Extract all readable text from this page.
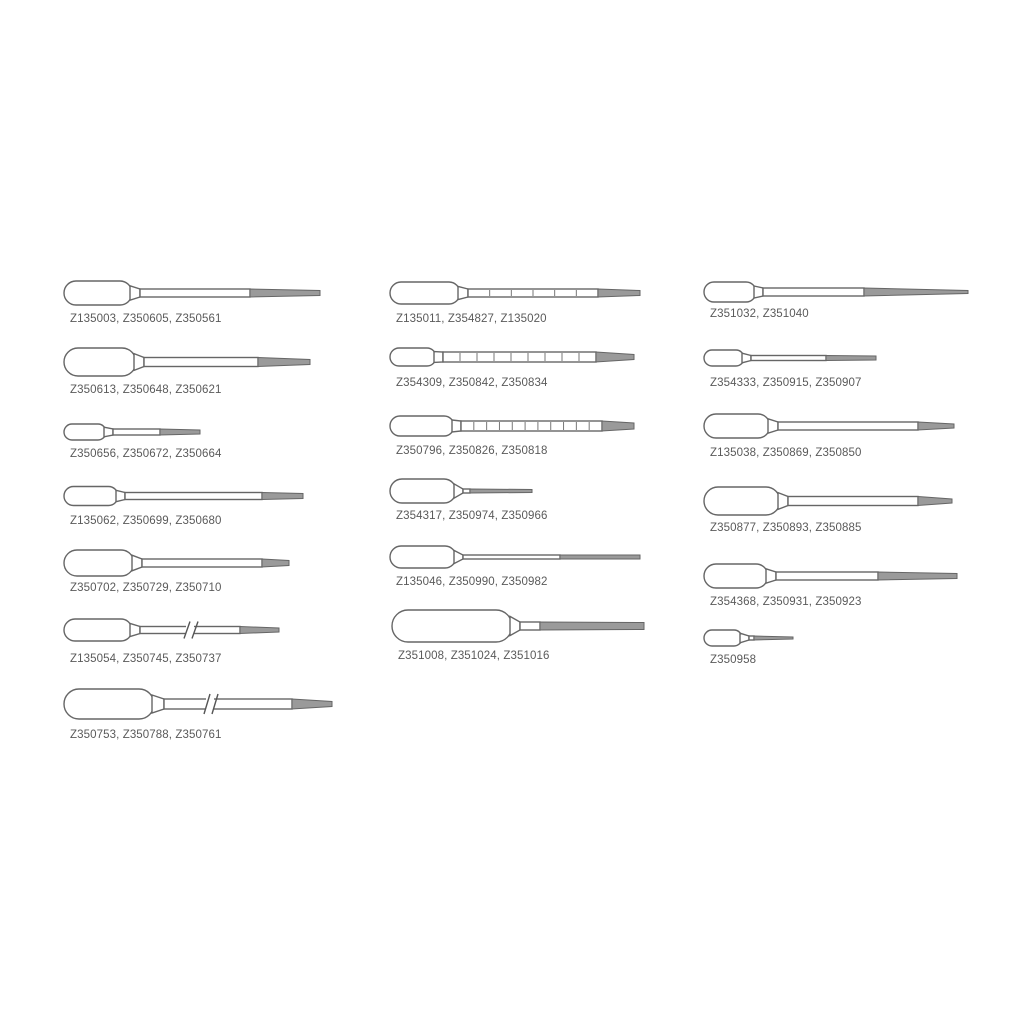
Z135003, Z350605, Z350561
Z350613, Z350648, Z350621
Z350656, Z350672, Z350664
Z135062, Z350699, Z350680
Z350702, Z350729, Z350710
Z135054, Z350745, Z350737
Z350753, Z350788, Z350761
Z135011, Z354827, Z135020
Z354309, Z350842, Z350834
Z350796, Z350826, Z350818
Z354317, Z350974, Z350966
Z135046, Z350990, Z350982
Z351008, Z351024, Z351016
Z351032, Z351040
Z354333, Z350915, Z350907
Z135038, Z350869, Z350850
Z350877, Z350893, Z350885
Z354368, Z350931, Z350923
Z350958
